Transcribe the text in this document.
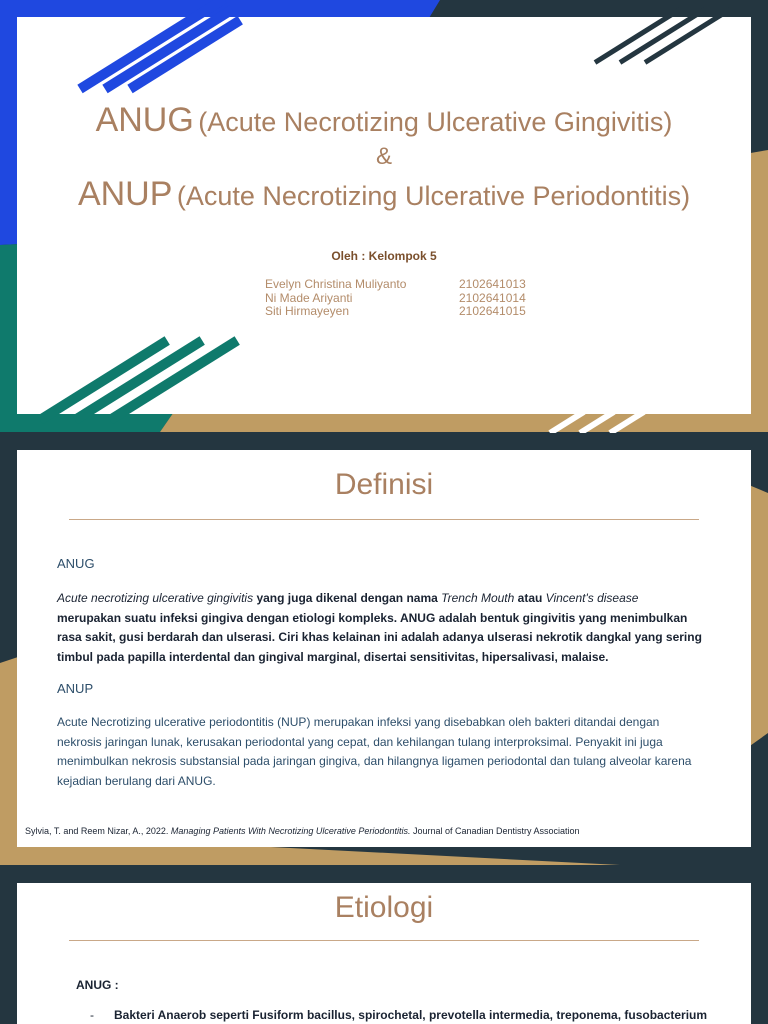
ANUG (Acute Necrotizing Ulcerative Gingivitis)
&
ANUP (Acute Necrotizing Ulcerative Periodontitis)
Oleh : Kelompok 5
Evelyn Christina Muliyanto	2102641013
Ni Made Ariyanti	2102641014
Siti Hirmayeyen	2102641015
Definisi
ANUG
Acute necrotizing ulcerative gingivitis yang juga dikenal dengan nama Trench Mouth atau Vincent's disease merupakan suatu infeksi gingiva dengan etiologi kompleks. ANUG adalah bentuk gingivitis yang menimbulkan rasa sakit, gusi berdarah dan ulserasi. Ciri khas kelainan ini adalah adanya ulserasi nekrotik dangkal yang sering timbul pada papilla interdental dan gingival marginal, disertai sensitivitas, hipersalivasi, malaise.
ANUP
Acute Necrotizing ulcerative periodontitis (NUP) merupakan infeksi yang disebabkan oleh bakteri ditandai dengan nekrosis jaringan lunak, kerusakan periodontal yang cepat, dan kehilangan tulang interproksimal. Penyakit ini juga menimbulkan nekrosis substansial pada jaringan gingiva, dan hilangnya ligamen periodontal dan tulang alveolar karena kejadian berulang dari ANUG.
Sylvia, T. and Reem Nizar, A., 2022. Managing Patients With Necrotizing Ulcerative Periodontitis. Journal of Canadian Dentistry Association
Etiologi
ANUG :
- Bakteri Anaerob seperti Fusiform bacillus, spirochetal, prevotella intermedia, treponema, fusobacterium
